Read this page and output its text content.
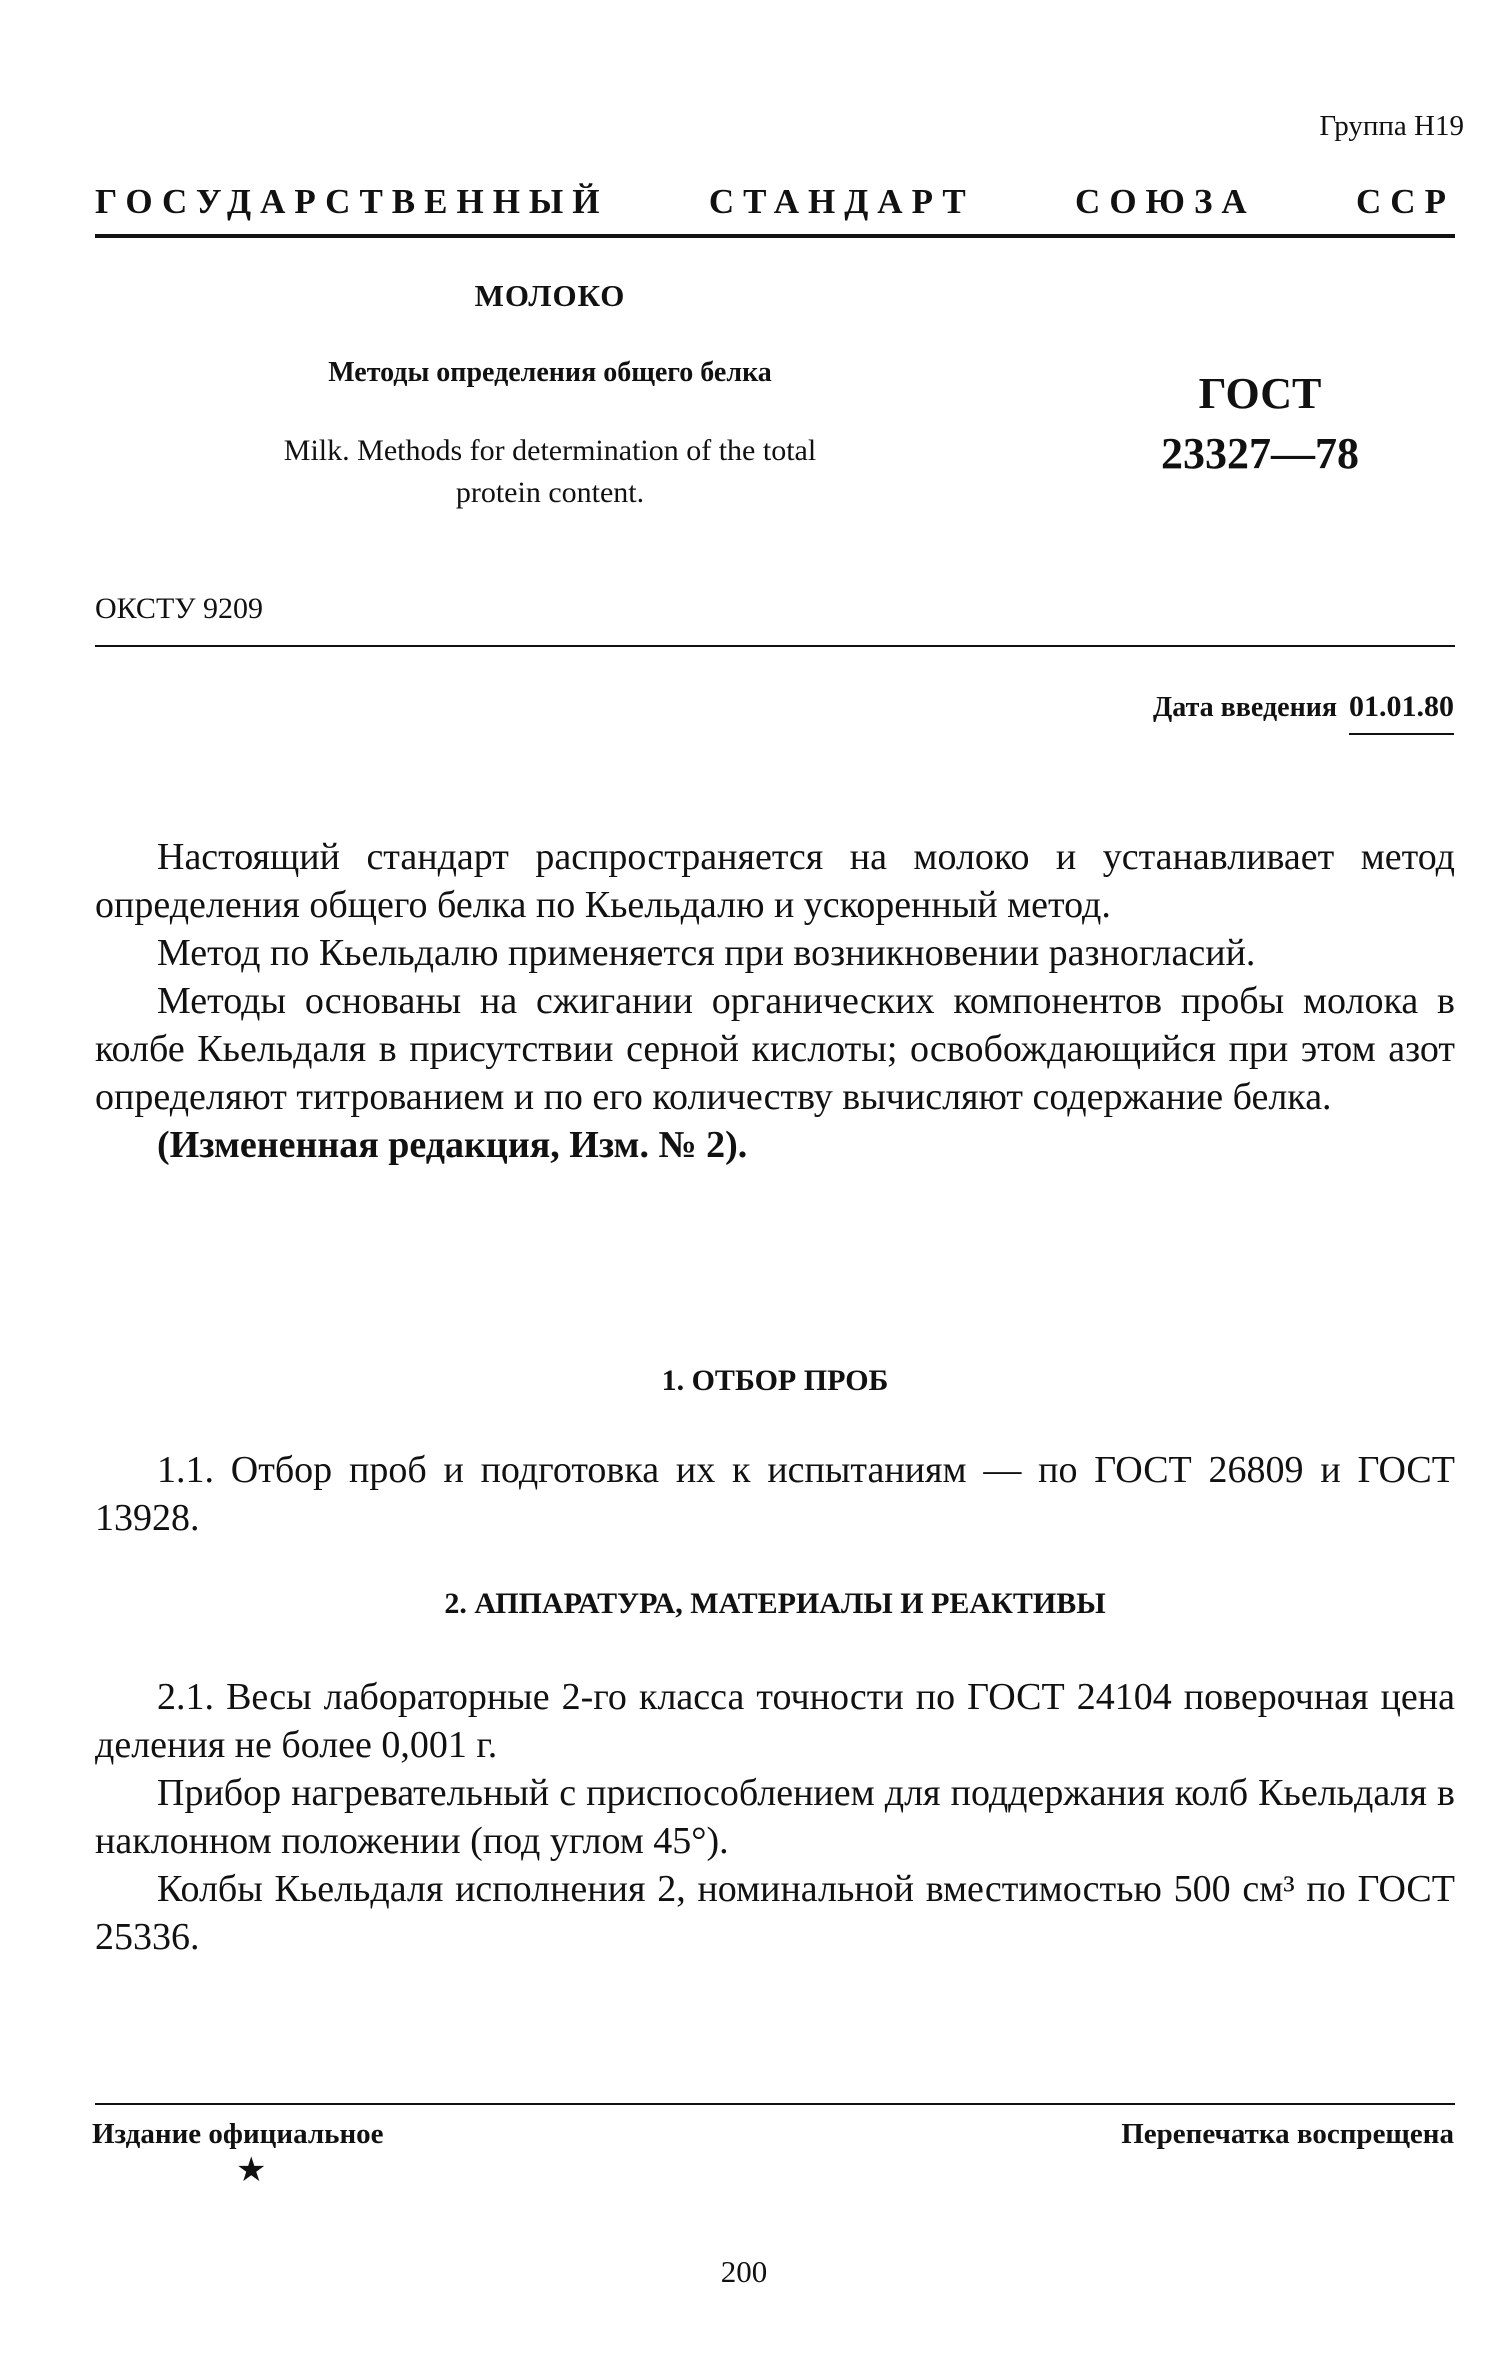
Группа Н19
ГОСУДАРСТВЕННЫЙ	СТАНДАРТ	СОЮЗА	ССР
МОЛОКО
Методы определения общего белка
Milk. Methods for determination of the total
protein content.
ГОСТ
23327—78
ОКСТУ 9209
Дата введения 01.01.80

Настоящий стандарт распространяется на молоко и устанавливает метод определения общего белка по Кьельдалю и ускоренный метод.

Метод по Кьельдалю применяется при возникновении разногласий.

Методы основаны на сжигании органических компонентов пробы молока в колбе Кьельдаля в присутствии серной кислоты; освобождающийся при этом азот определяют титрованием и по его количеству вычисляют содержание белка.

(Измененная редакция, Изм. № 2).

1. ОТБОР ПРОБ

1.1. Отбор проб и подготовка их к испытаниям — по ГОСТ 26809 и ГОСТ 13928.

2. АППАРАТУРА, МАТЕРИАЛЫ И РЕАКТИВЫ

2.1. Весы лабораторные 2-го класса точности по ГОСТ 24104 поверочная цена деления не более 0,001 г.

Прибор нагревательный с приспособлением для поддержания колб Кьельдаля в наклонном положении (под углом 45°).

Колбы Кьельдаля исполнения 2, номинальной вместимостью 500 см³ по ГОСТ 25336.

Издание официальное	Перепечатка воспрещена
★
200
